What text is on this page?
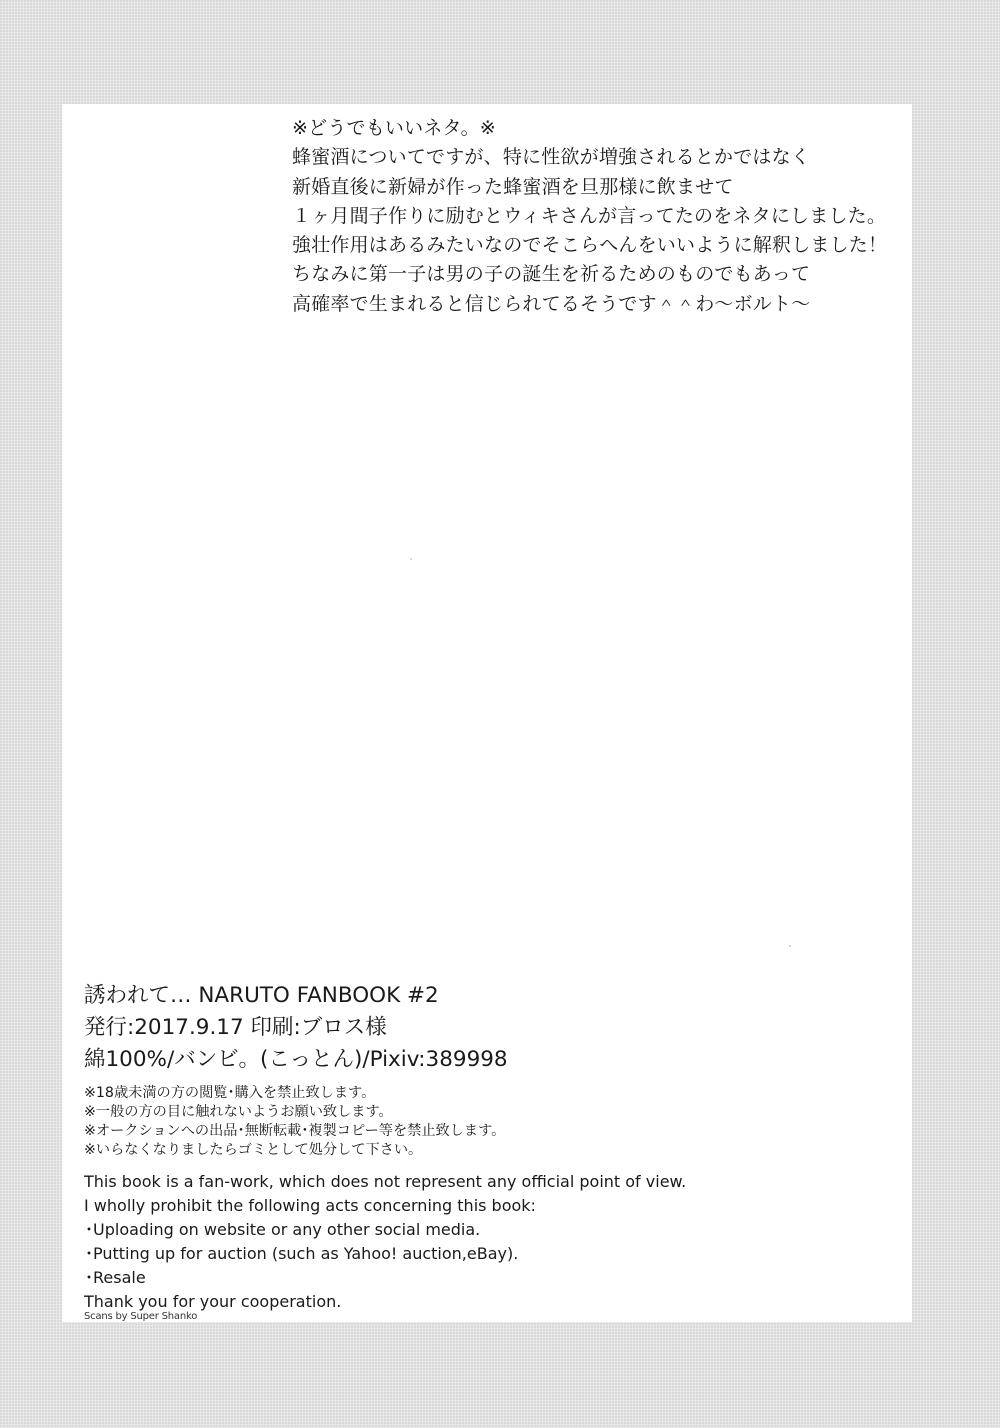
※どうでもいいネタ。※
蜂蜜酒についてですが、特に性欲が増強されるとかではなく
新婚直後に新婦が作った蜂蜜酒を旦那様に飲ませて
１ヶ月間子作りに励むとウィキさんが言ってたのをネタにしました。
強壮作用はあるみたいなのでそこらへんをいいように解釈しました！
ちなみに第一子は男の子の誕生を祈るためのものでもあって
高確率で生まれると信じられてるそうです＾＾わ〜ボルト〜
誘われて… NARUTO FANBOOK #2
発行:2017.9.17 印刷:ブロス様
綿100%/バンビ。(こっとん)/Pixiv:389998
※18歳未満の方の閲覧･購入を禁止致します。
※一般の方の目に触れないようお願い致します。
※オークションへの出品･無断転載･複製コピー等を禁止致します。
※いらなくなりましたらゴミとして処分して下さい。
This book is a fan-work, which does not represent any official point of view.
I wholly prohibit the following acts concerning this book:
･Uploading on website or any other social media.
･Putting up for auction (such as Yahoo! auction,eBay).
･Resale
Thank you for your cooperation.
Scans by Super Shanko
